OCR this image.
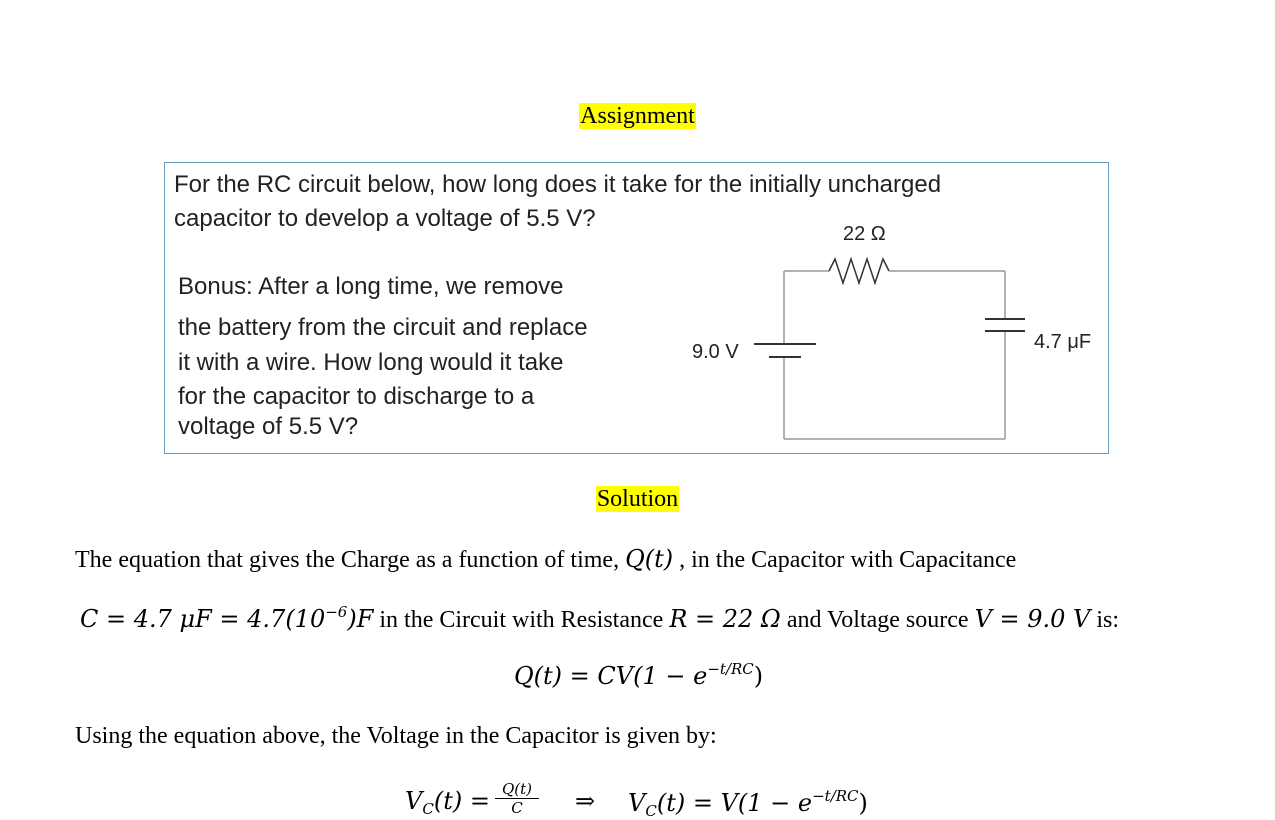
Assignment
For the RC circuit below, how long does it take for the initially uncharged
capacitor to develop a voltage of 5.5 V?
Bonus: After a long time, we remove
the battery from the circuit and replace
it with a wire. How long would it take
for the capacitor to discharge to a
voltage of 5.5 V?
22 Ω
9.0 V	4.7 μF
Solution
The equation that gives the Charge as a function of time, Q(t) , in the Capacitor with Capacitance
C = 4.7 $\mu F = 4.7(10^{-6})F$ in the Circuit with Resistance R = 22 Ω and Voltage source V = 9.0 V is:
$Q(t) = CV(1 - e^{-t/RC})$
Using the equation above, the Voltage in the Capacitor is given by:
$V_C(t) = \frac{Q(t)}{C}$ ⇒ $V_C(t) = V(1 - e^{-t/RC})$
